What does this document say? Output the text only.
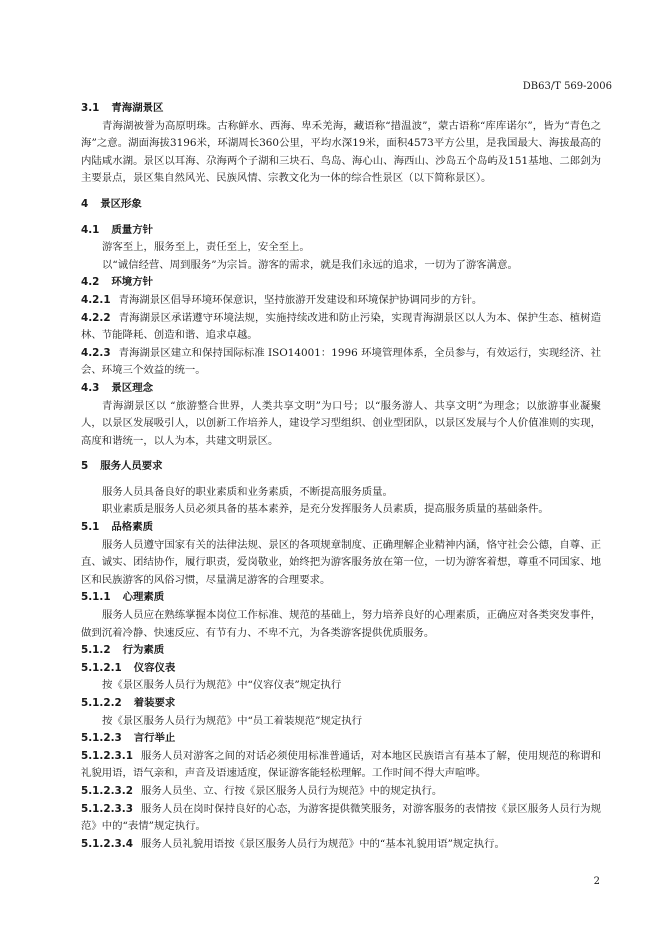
DB63/T 569-2006
3.1 青海湖景区

青海湖被誉为高原明珠。古称鲜水、西海、卑禾羌海，藏语称“措温波”，蒙古语称“库库诺尔”，皆为“青色之海”之意。湖面海拔3196米，环湖周长360公里，平均水深19米，面积4573平方公里，是我国最大、海拔最高的内陆咸水湖。景区以耳海、尕海两个子湖和三块石、鸟岛、海心山、海西山、沙岛五个岛屿及151基地、二郎剑为主要景点，景区集自然风光、民族风情、宗教文化为一体的综合性景区（以下简称景区）。

4 景区形象
4.1 质量方针

游客至上，服务至上，责任至上，安全至上。

以“诚信经营、周到服务”为宗旨。游客的需求，就是我们永远的追求，一切为了游客满意。

4.2 环境方针

4.2.1 青海湖景区倡导环境环保意识，坚持旅游开发建设和环境保护协调同步的方针。

4.2.2 青海湖景区承诺遵守环境法规，实施持续改进和防止污染，实现青海湖景区以人为本、保护生态、植树造林、节能降耗、创造和谐、追求卓越。

4.2.3 青海湖景区建立和保持国际标准 ISO14001：1996 环境管理体系，全员参与，有效运行，实现经济、社会、环境三个效益的统一。

4.3 景区理念

青海湖景区以 “旅游整合世界，人类共享文明”为口号；以“服务游人、共享文明”为理念；以旅游事业凝聚人，以景区发展吸引人，以创新工作培养人，建设学习型组织、创业型团队，以景区发展与个人价值准则的实现，高度和谐统一，以人为本，共建文明景区。

5 服务人员要求

服务人员具备良好的职业素质和业务素质，不断提高服务质量。

职业素质是服务人员必须具备的基本素养，是充分发挥服务人员素质，提高服务质量的基础条件。

5.1 品格素质

服务人员遵守国家有关的法律法规、景区的各项规章制度、正确理解企业精神内涵，恪守社会公德，自尊、正直、诚实、团结协作，履行职责，爱岗敬业，始终把为游客服务放在第一位，一切为游客着想，尊重不同国家、地区和民族游客的风俗习惯，尽量满足游客的合理要求。

5.1.1 心理素质

服务人员应在熟练掌握本岗位工作标准、规范的基础上，努力培养良好的心理素质，正确应对各类突发事件，做到沉着冷静、快速反应、有节有力、不卑不亢，为各类游客提供优质服务。

5.1.2 行为素质
5.1.2.1 仪容仪表

按《景区服务人员行为规范》中“仪容仪表”规定执行

5.1.2.2 着装要求

按《景区服务人员行为规范》中“员工着装规范”规定执行

5.1.2.3 言行举止

5.1.2.3.1 服务人员对游客之间的对话必须使用标准普通话，对本地区民族语言有基本了解，使用规范的称谓和礼貌用语，语气亲和，声音及语速适度，保证游客能轻松理解。工作时间不得大声喧哗。

5.1.2.3.2 服务人员坐、立、行按《景区服务人员行为规范》中的规定执行。

5.1.2.3.3 服务人员在岗时保持良好的心态，为游客提供微笑服务，对游客服务的表情按《景区服务人员行为规范》中的“表情”规定执行。

5.1.2.3.4 服务人员礼貌用语按《景区服务人员行为规范》中的“基本礼貌用语”规定执行。

2
